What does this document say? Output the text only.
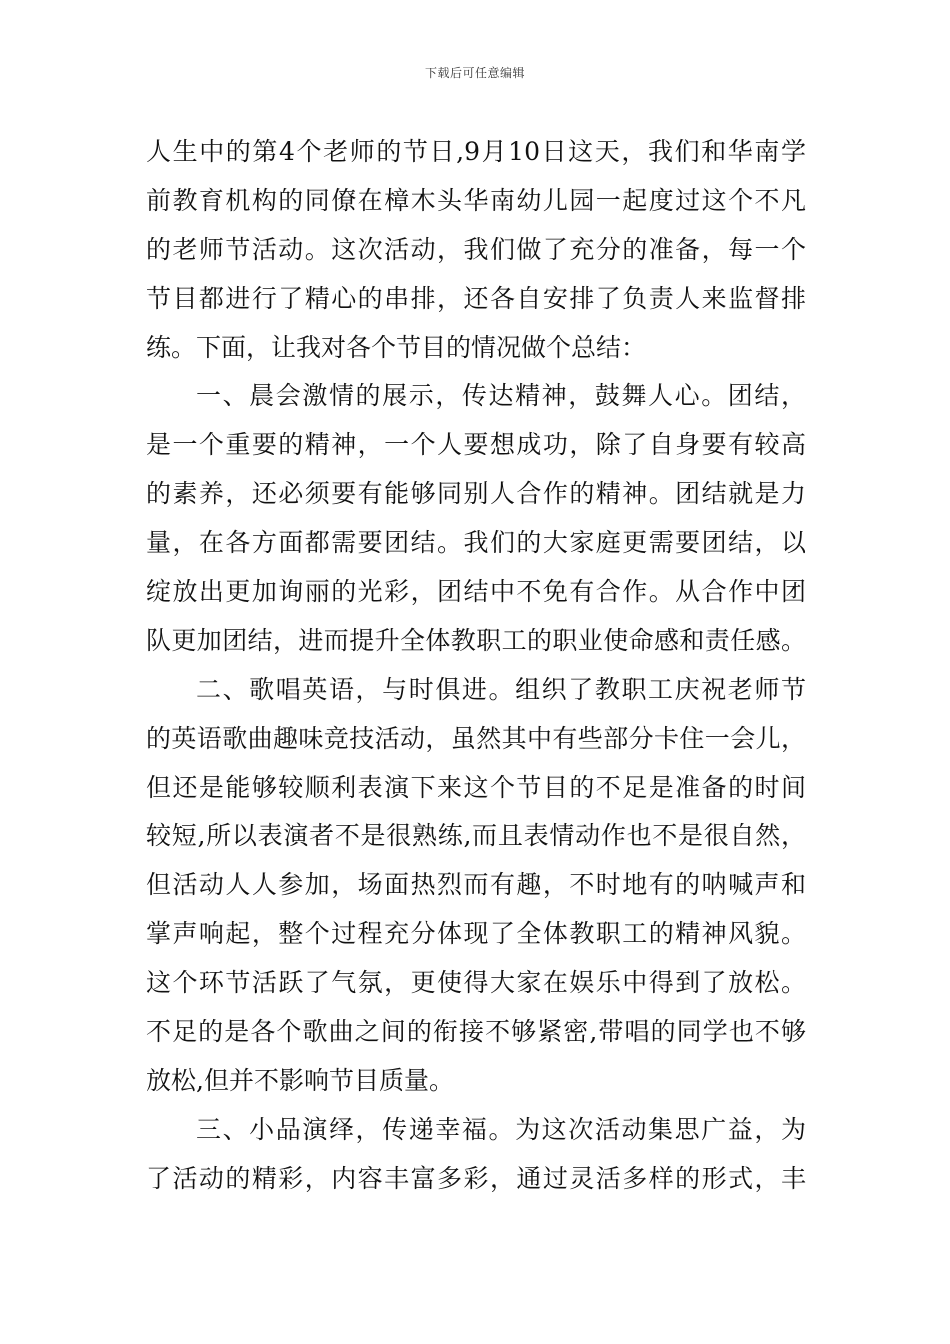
下载后可任意编辑
人生中的第4个老师的节日,9月10日这天，我们和华南学
前教育机构的同僚在樟木头华南幼儿园一起度过这个不凡
的老师节活动。这次活动，我们做了充分的准备，每一个
节目都进行了精心的串排，还各自安排了负责人来监督排
练。下面，让我对各个节目的情况做个总结：
一、晨会激情的展示，传达精神，鼓舞人心。团结，
是一个重要的精神，一个人要想成功，除了自身要有较高
的素养，还必须要有能够同别人合作的精神。团结就是力
量，在各方面都需要团结。我们的大家庭更需要团结，以
绽放出更加询丽的光彩，团结中不免有合作。从合作中团
队更加团结，进而提升全体教职工的职业使命感和责任感。
二、歌唱英语，与时俱进。组织了教职工庆祝老师节
的英语歌曲趣味竞技活动，虽然其中有些部分卡住一会儿，
但还是能够较顺利表演下来这个节目的不足是准备的时间
较短,所以表演者不是很熟练,而且表情动作也不是很自然，
但活动人人参加，场面热烈而有趣，不时地有的呐喊声和
掌声响起，整个过程充分体现了全体教职工的精神风貌。
这个环节活跃了气氛，更使得大家在娱乐中得到了放松。
不足的是各个歌曲之间的衔接不够紧密,带唱的同学也不够
放松,但并不影响节目质量。
三、小品演绎，传递幸福。为这次活动集思广益，为
了活动的精彩，内容丰富多彩，通过灵活多样的形式，丰
